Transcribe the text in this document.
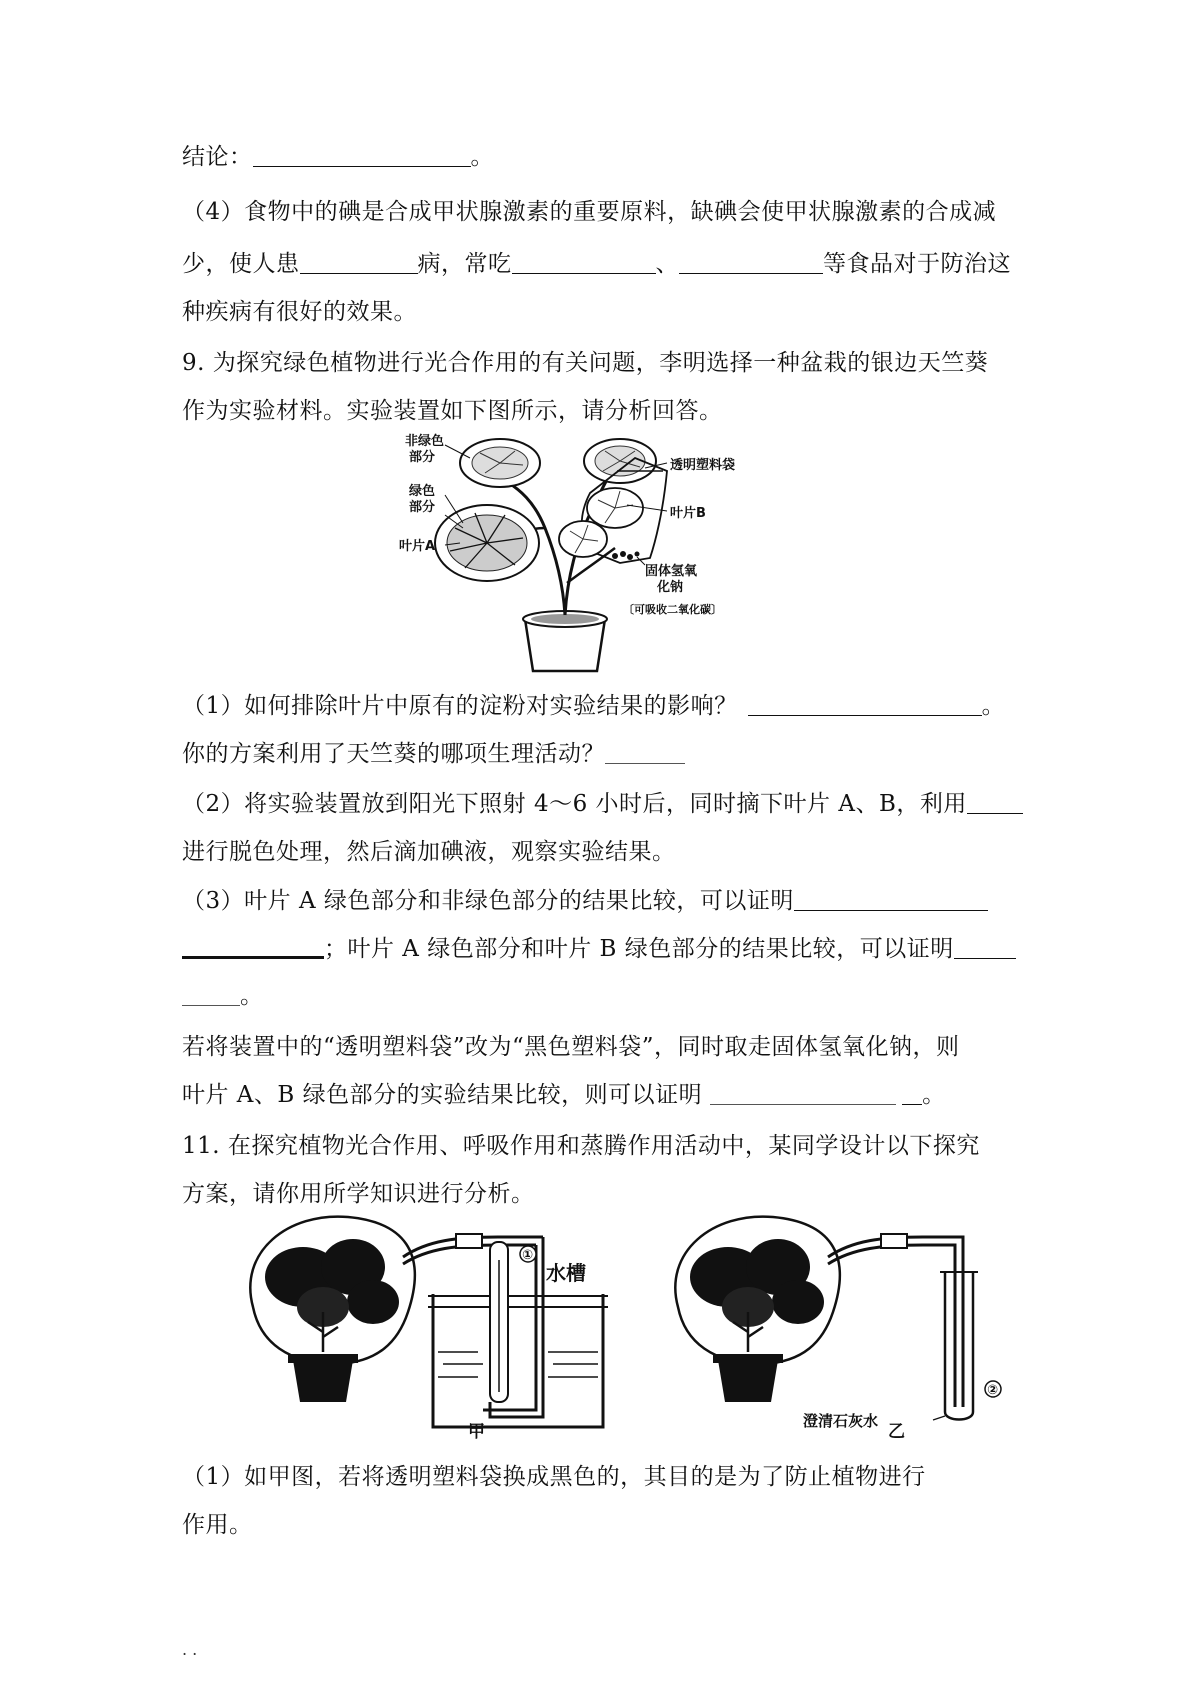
结论：	。
（4）食物中的碘是合成甲状腺激素的重要原料，缺碘会使甲状腺激素的合成减
少，使人患	病，常吃	、	等食品对于防治这
种疾病有很好的效果。
9. 为探究绿色植物进行光合作用的有关问题，李明选择一种盆栽的银边天竺葵
作为实验材料。实验装置如下图所示，请分析回答。
非绿色
部分
绿色
部分
叶片A
透明塑料袋
叶片B
固体氢氧
化钠
〔可吸收二氧化碳〕
（1）如何排除叶片中原有的淀粉对实验结果的影响？	。
你的方案利用了天竺葵的哪项生理活动？
（2）将实验装置放到阳光下照射 4～6 小时后，同时摘下叶片 A、B，利用
进行脱色处理，然后滴加碘液，观察实验结果。
（3）叶片 A 绿色部分和非绿色部分的结果比较，可以证明
；叶片 A 绿色部分和叶片 B 绿色部分的结果比较，可以证明
。
若将装置中的“透明塑料袋”改为“黑色塑料袋”，同时取走固体氢氧化钠，则
叶片 A、B 绿色部分的实验结果比较，则可以证明	。
11. 在探究植物光合作用、呼吸作用和蒸腾作用活动中，某同学设计以下探究
方案，请你用所学知识进行分析。
①
水槽
甲
②
澄清石灰水
乙
（1）如甲图，若将透明塑料袋换成黑色的，其目的是为了防止植物进行
作用。
. .
